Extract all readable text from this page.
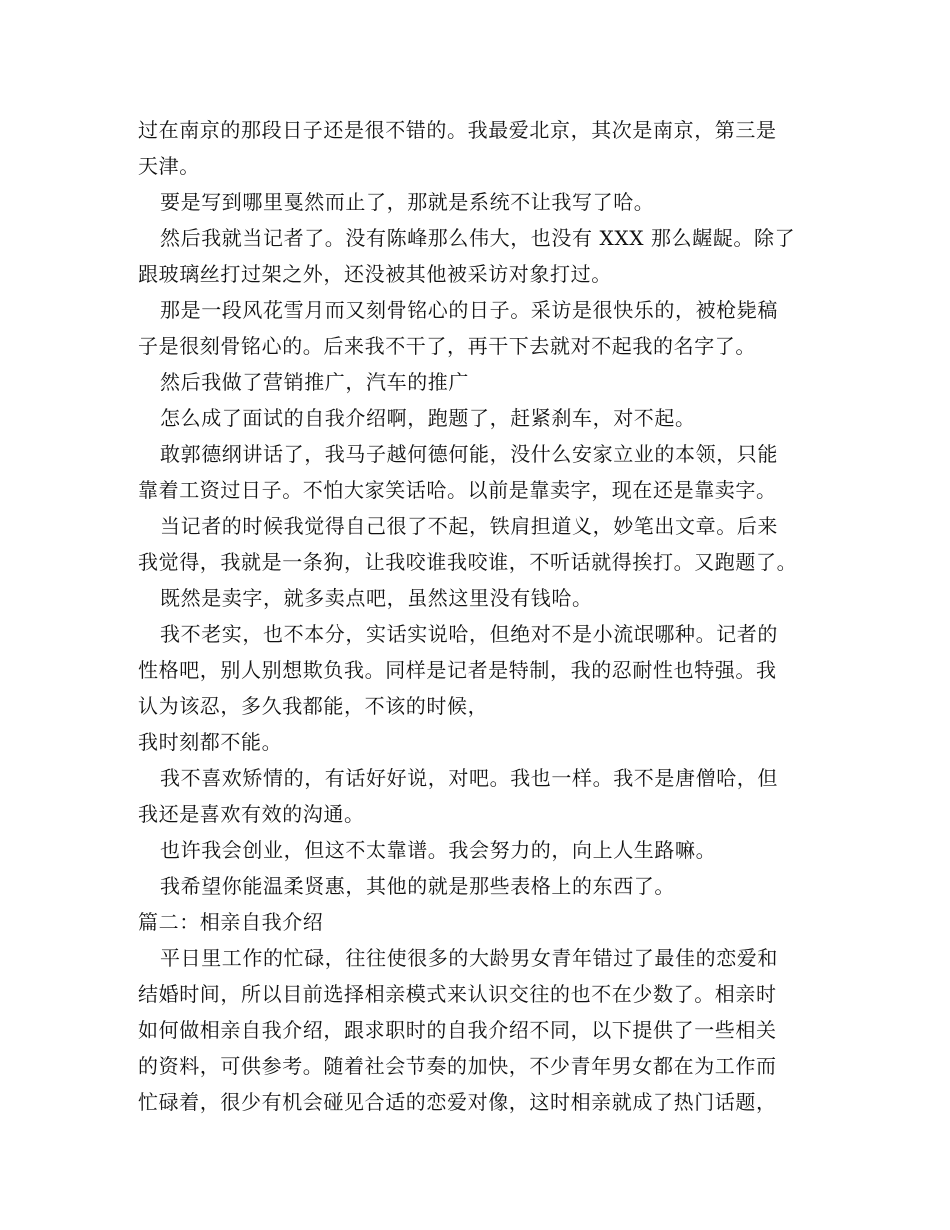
过在南京的那段日子还是很不错的。我最爱北京，其次是南京，第三是
天津。
要是写到哪里戛然而止了，那就是系统不让我写了哈。
然后我就当记者了。没有陈峰那么伟大，也没有 XXX 那么龌龊。除了
跟玻璃丝打过架之外，还没被其他被采访对象打过。
那是一段风花雪月而又刻骨铭心的日子。采访是很快乐的，被枪毙稿
子是很刻骨铭心的。后来我不干了，再干下去就对不起我的名字了。
然后我做了营销推广，汽车的推广
怎么成了面试的自我介绍啊，跑题了，赶紧刹车，对不起。
敢郭德纲讲话了，我马子越何德何能，没什么安家立业的本领，只能
靠着工资过日子。不怕大家笑话哈。以前是靠卖字，现在还是靠卖字。
当记者的时候我觉得自己很了不起，铁肩担道义，妙笔出文章。后来
我觉得，我就是一条狗，让我咬谁我咬谁，不听话就得挨打。又跑题了。
既然是卖字，就多卖点吧，虽然这里没有钱哈。
我不老实，也不本分，实话实说哈，但绝对不是小流氓哪种。记者的
性格吧，别人别想欺负我。同样是记者是特制，我的忍耐性也特强。我
认为该忍，多久我都能，不该的时候，
我时刻都不能。
我不喜欢矫情的，有话好好说，对吧。我也一样。我不是唐僧哈，但
我还是喜欢有效的沟通。
也许我会创业，但这不太靠谱。我会努力的，向上人生路嘛。
我希望你能温柔贤惠，其他的就是那些表格上的东西了。
篇二：相亲自我介绍
平日里工作的忙碌，往往使很多的大龄男女青年错过了最佳的恋爱和
结婚时间，所以目前选择相亲模式来认识交往的也不在少数了。相亲时
如何做相亲自我介绍，跟求职时的自我介绍不同，以下提供了一些相关
的资料，可供参考。随着社会节奏的加快，不少青年男女都在为工作而
忙碌着，很少有机会碰见合适的恋爱对像，这时相亲就成了热门话题，
